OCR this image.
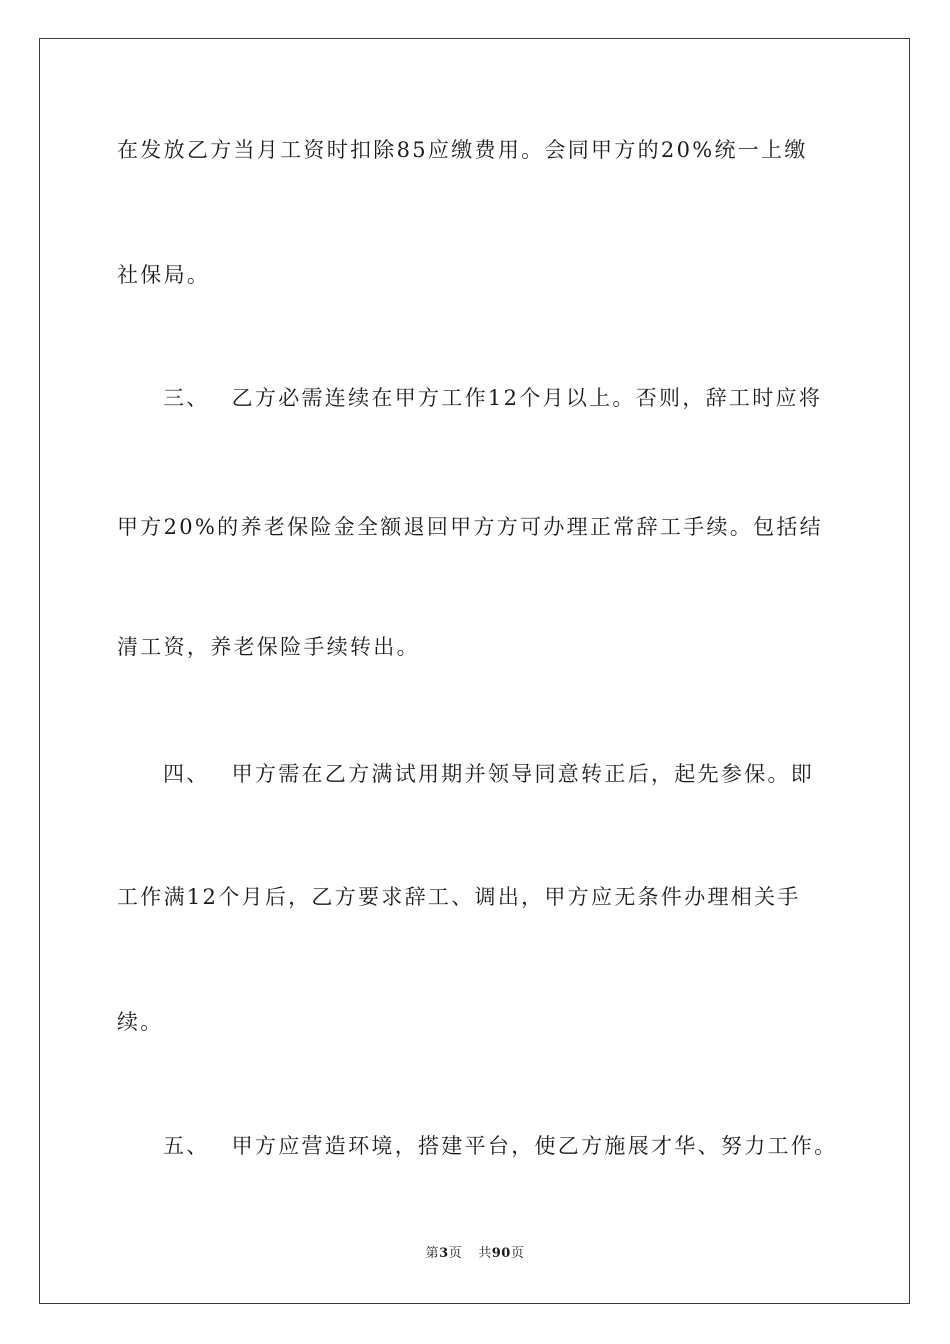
在发放乙方当月工资时扣除85应缴费用。会同甲方的20%统一上缴
社保局。
三、 乙方必需连续在甲方工作12个月以上。否则，辞工时应将
甲方20%的养老保险金全额退回甲方方可办理正常辞工手续。包括结
清工资，养老保险手续转出。
四、 甲方需在乙方满试用期并领导同意转正后，起先参保。即
工作满12个月后，乙方要求辞工、调出，甲方应无条件办理相关手
续。
五、 甲方应营造环境，搭建平台，使乙方施展才华、努力工作。
第3页 共90页
